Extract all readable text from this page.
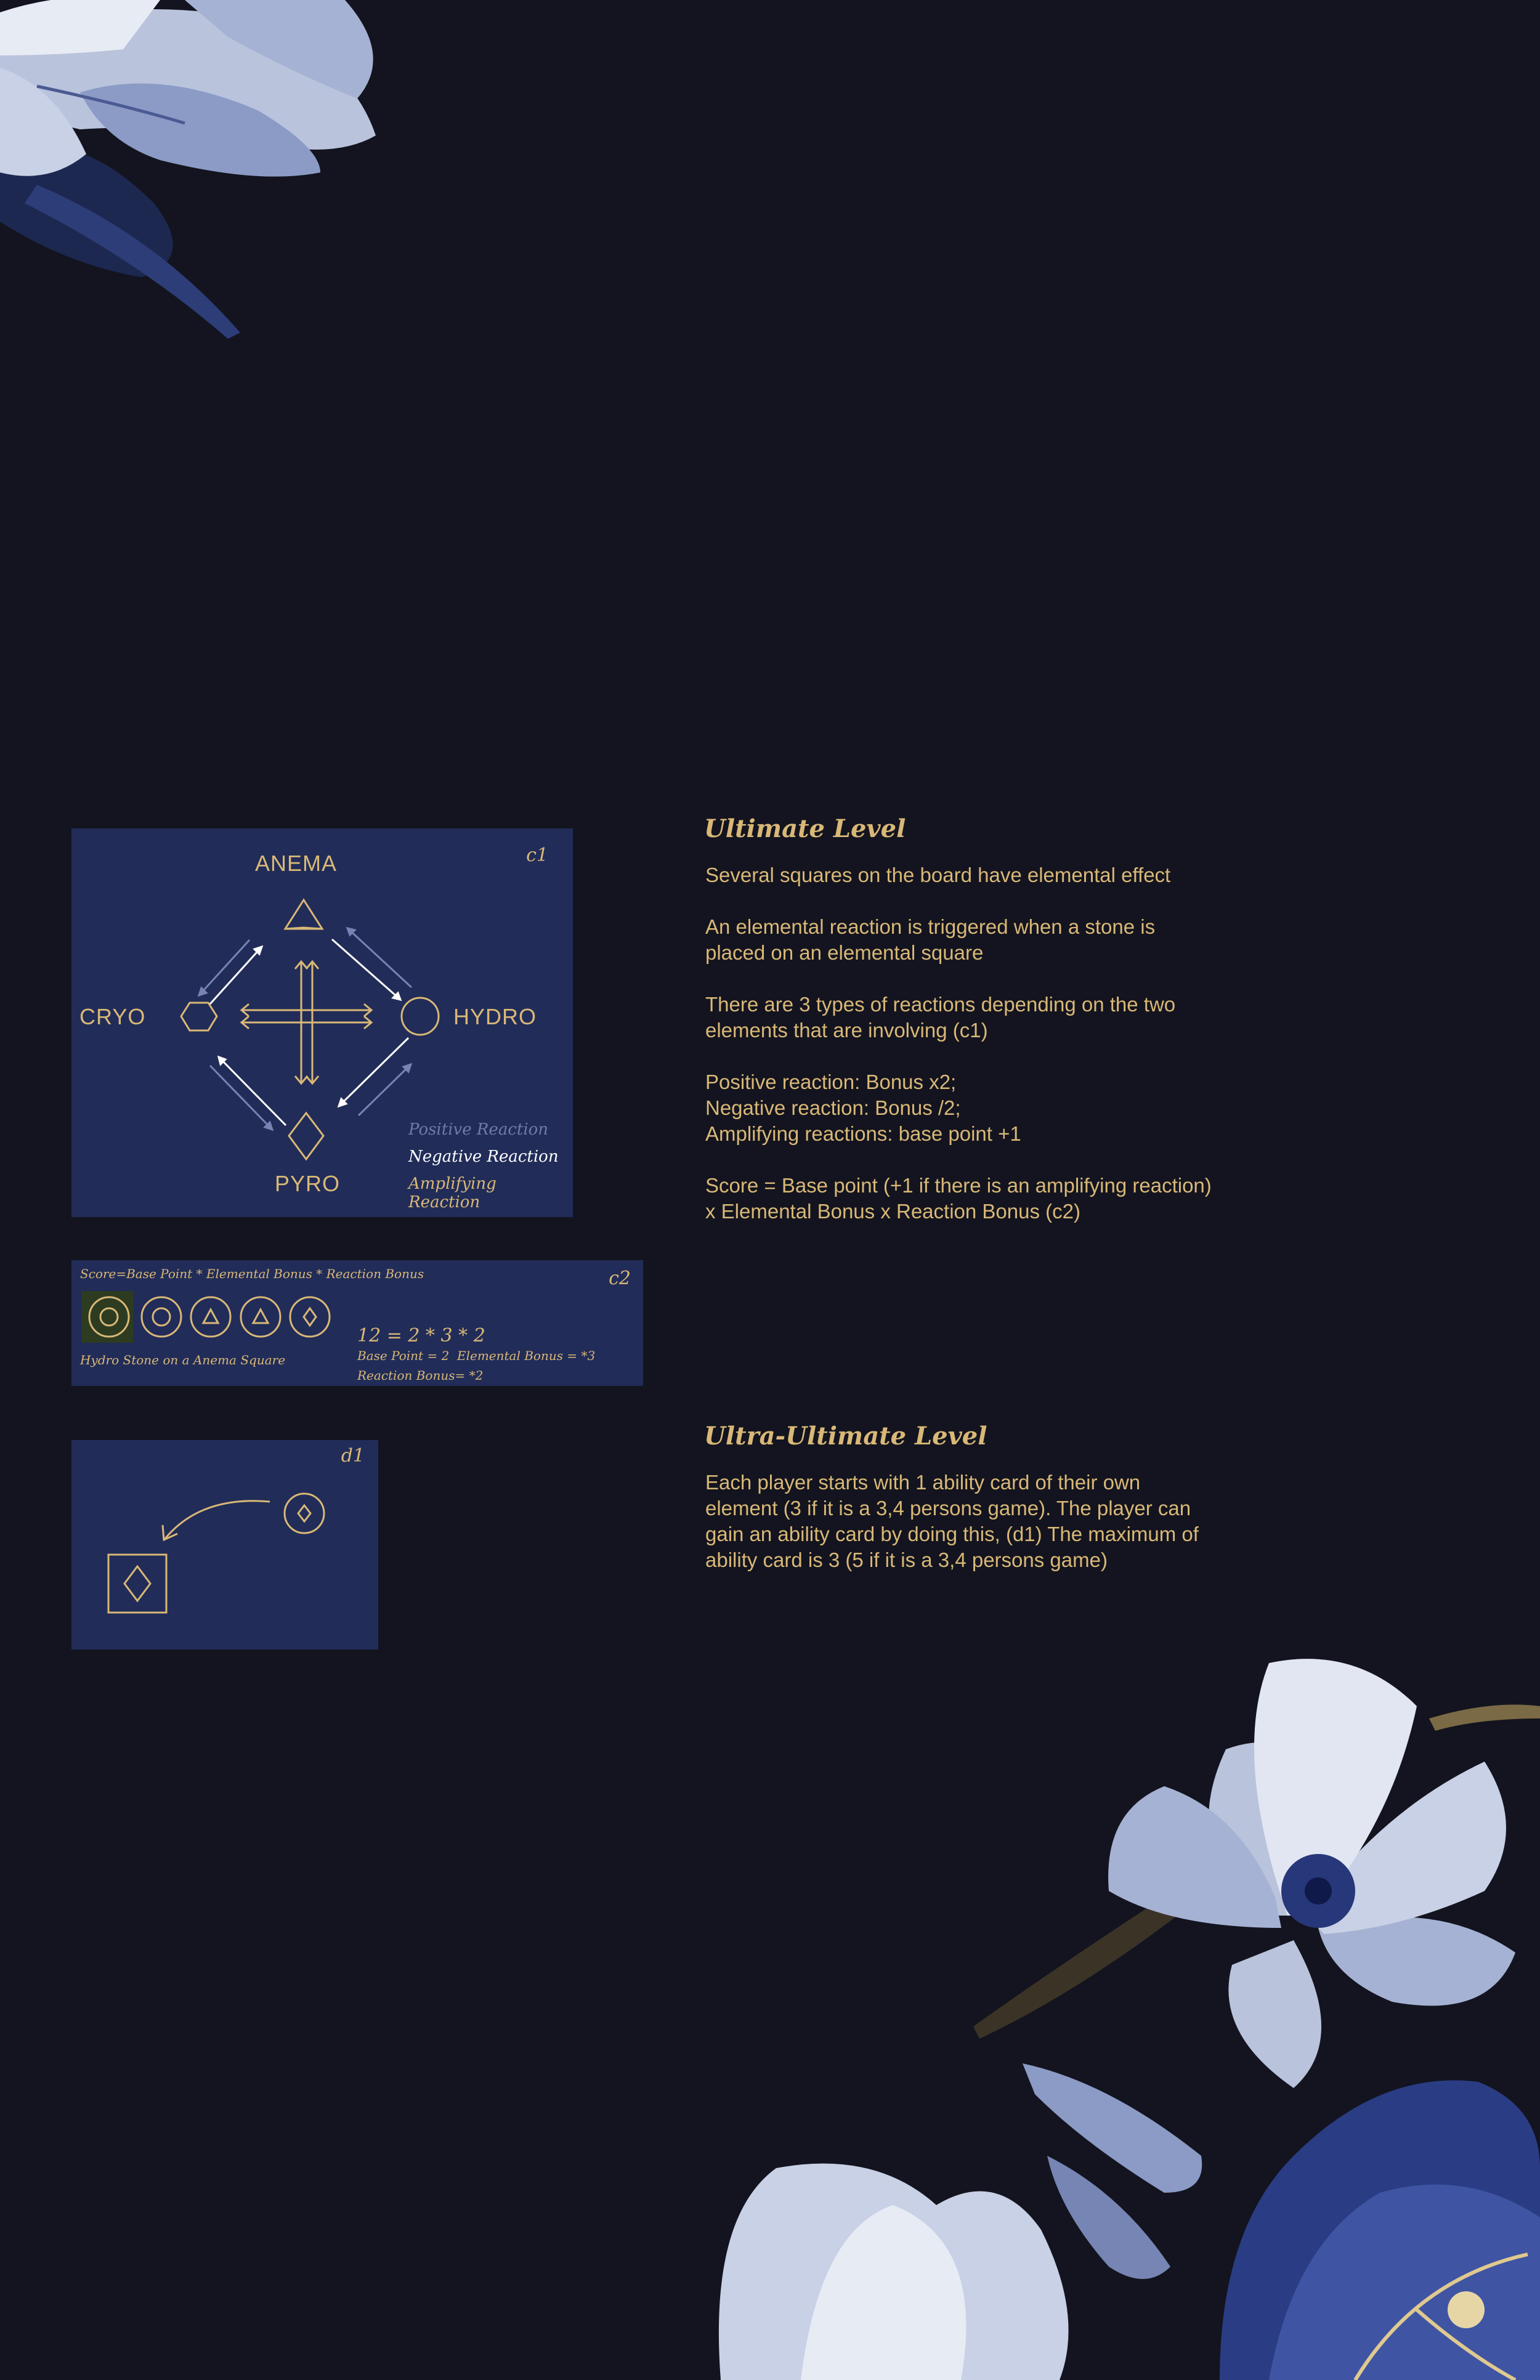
c1
ANEMA
CRYO	HYDRO
PYRO
Positive Reaction
Negative Reaction
Amplifying Reaction
Score=Base Point * Elemental Bonus * Reaction Bonus	c2
Hydro Stone on a Anema Square
12 = 2 * 3 * 2
Base Point = 2 Elemental Bonus = *3
Reaction Bonus= *2
d1
Ultimate Level

Several squares on the board have elemental effect

An elemental reaction is triggered when a stone is placed on an elemental square

There are 3 types of reactions depending on the two elements that are involving (c1)

Positive reaction: Bonus x2;
Negative reaction: Bonus /2;
Amplifying reactions: base point +1

Score = Base point (+1 if there is an amplifying reaction) x Elemental Bonus x Reaction Bonus (c2)

Ultra-Ultimate Level

Each player starts with 1 ability card of their own element (3 if it is a 3,4 persons game). The player can gain an ability card by doing this, (d1) The maximum of ability card is 3 (5 if it is a 3,4 persons game)
